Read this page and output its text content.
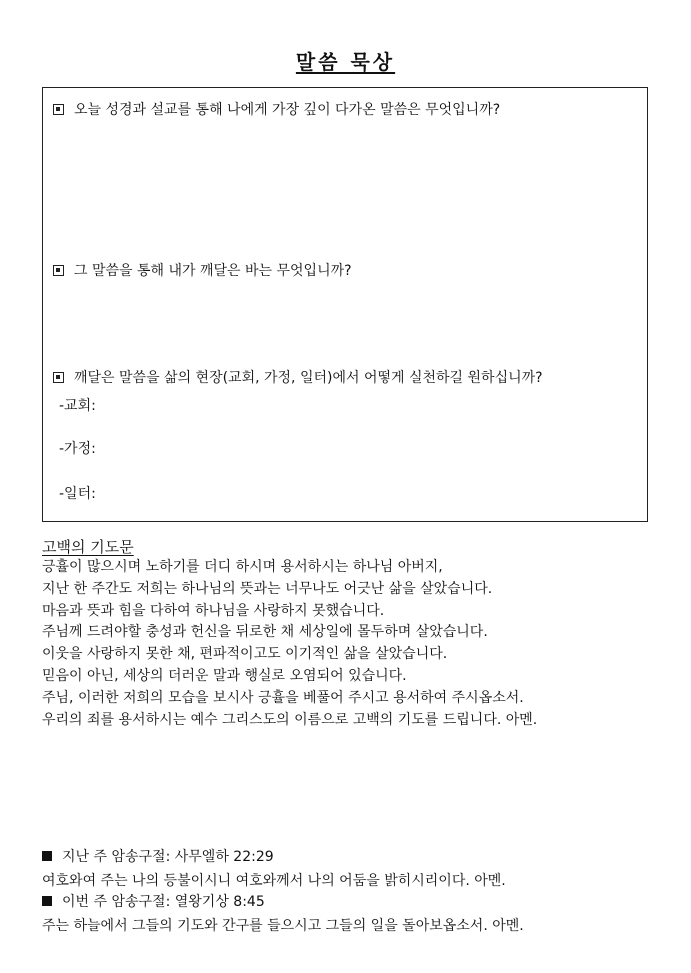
말씀 묵상
오늘 성경과 설교를 통해 나에게 가장 깊이 다가온 말씀은 무엇입니까?
그 말씀을 통해 내가 깨달은 바는 무엇입니까?
깨달은 말씀을 삶의 현장(교회, 가정, 일터)에서 어떻게 실천하길 원하십니까?
-교회:
-가정:
-일터:
고백의 기도문
긍휼이 많으시며 노하기를 더디 하시며 용서하시는 하나님 아버지,
지난 한 주간도 저희는 하나님의 뜻과는 너무나도 어긋난 삶을 살았습니다.
마음과 뜻과 힘을 다하여 하나님을 사랑하지 못했습니다.
주님께 드려야할 충성과 헌신을 뒤로한 채 세상일에 몰두하며 살았습니다.
이웃을 사랑하지 못한 채, 편파적이고도 이기적인 삶을 살았습니다.
믿음이 아닌, 세상의 더러운 말과 행실로 오염되어 있습니다.
주님, 이러한 저희의 모습을 보시사 긍휼을 베풀어 주시고 용서하여 주시옵소서.
우리의 죄를 용서하시는 예수 그리스도의 이름으로 고백의 기도를 드립니다. 아멘.
지난 주 암송구절:
사무엘하 22:29
여호와여 주는 나의 등불이시니 여호와께서 나의 어둠을 밝히시리이다. 아멘.
이번 주 암송구절:
열왕기상 8:45
주는 하늘에서 그들의 기도와 간구를 들으시고 그들의 일을 돌아보옵소서. 아멘.
